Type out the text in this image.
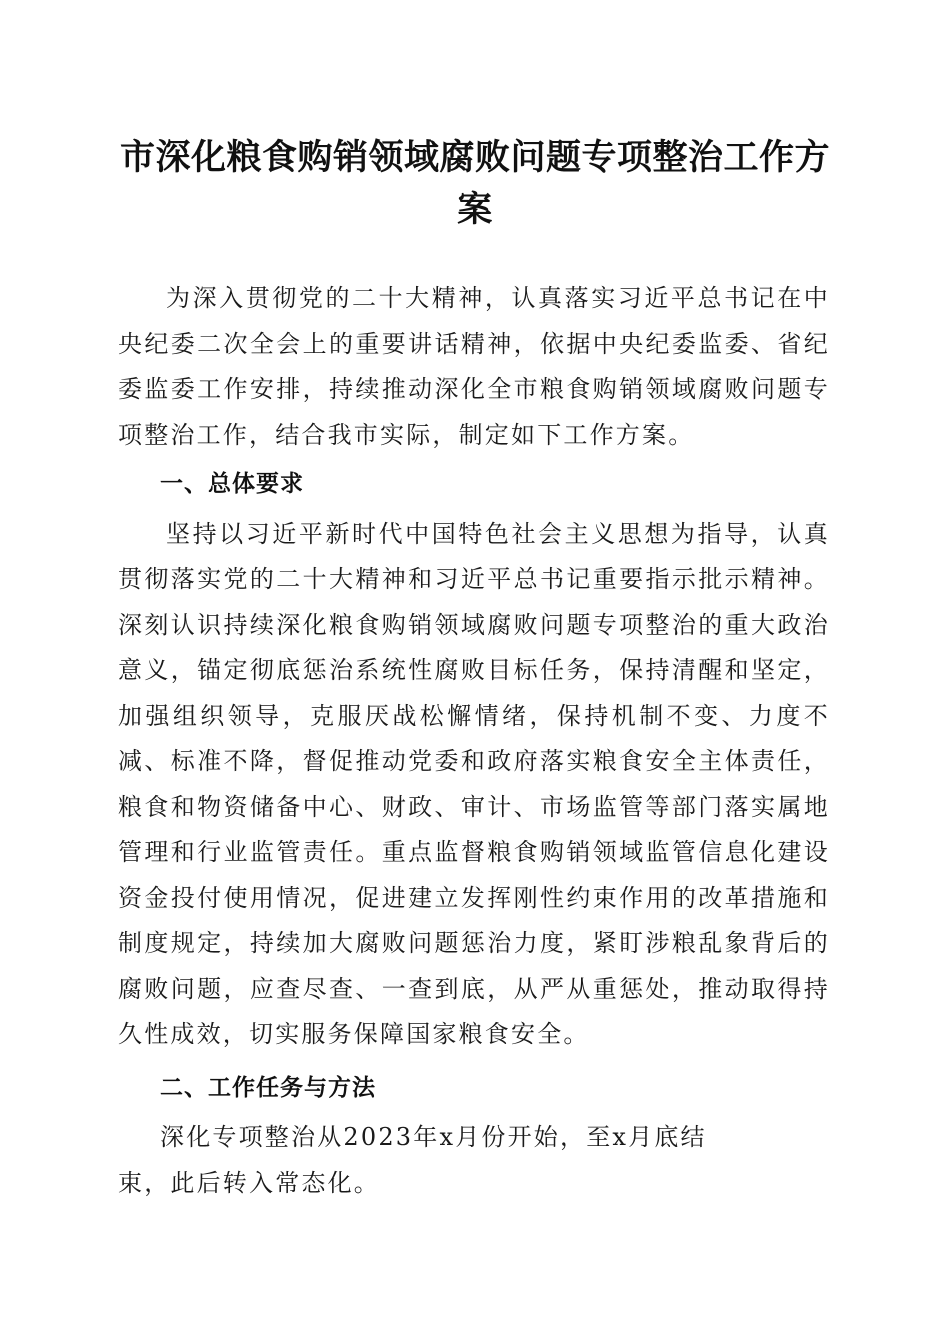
市深化粮食购销领域腐败问题专项整治工作方案

为深入贯彻党的二十大精神，认真落实习近平总书记在中央纪委二次全会上的重要讲话精神，依据中央纪委监委、省纪委监委工作安排，持续推动深化全市粮食购销领域腐败问题专项整治工作，结合我市实际，制定如下工作方案。

一、总体要求

坚持以习近平新时代中国特色社会主义思想为指导，认真贯彻落实党的二十大精神和习近平总书记重要指示批示精神。深刻认识持续深化粮食购销领域腐败问题专项整治的重大政治意义，锚定彻底惩治系统性腐败目标任务，保持清醒和坚定，加强组织领导，克服厌战松懈情绪，保持机制不变、力度不减、标准不降，督促推动党委和政府落实粮食安全主体责任，粮食和物资储备中心、财政、审计、市场监管等部门落实属地管理和行业监管责任。重点监督粮食购销领域监管信息化建设资金投付使用情况，促进建立发挥刚性约束作用的改革措施和制度规定，持续加大腐败问题惩治力度，紧盯涉粮乱象背后的腐败问题，应查尽查、一查到底，从严从重惩处，推动取得持久性成效，切实服务保障国家粮食安全。

二、工作任务与方法

深化专项整治从2023年x月份开始，至x月底结束，此后转入常态化。
